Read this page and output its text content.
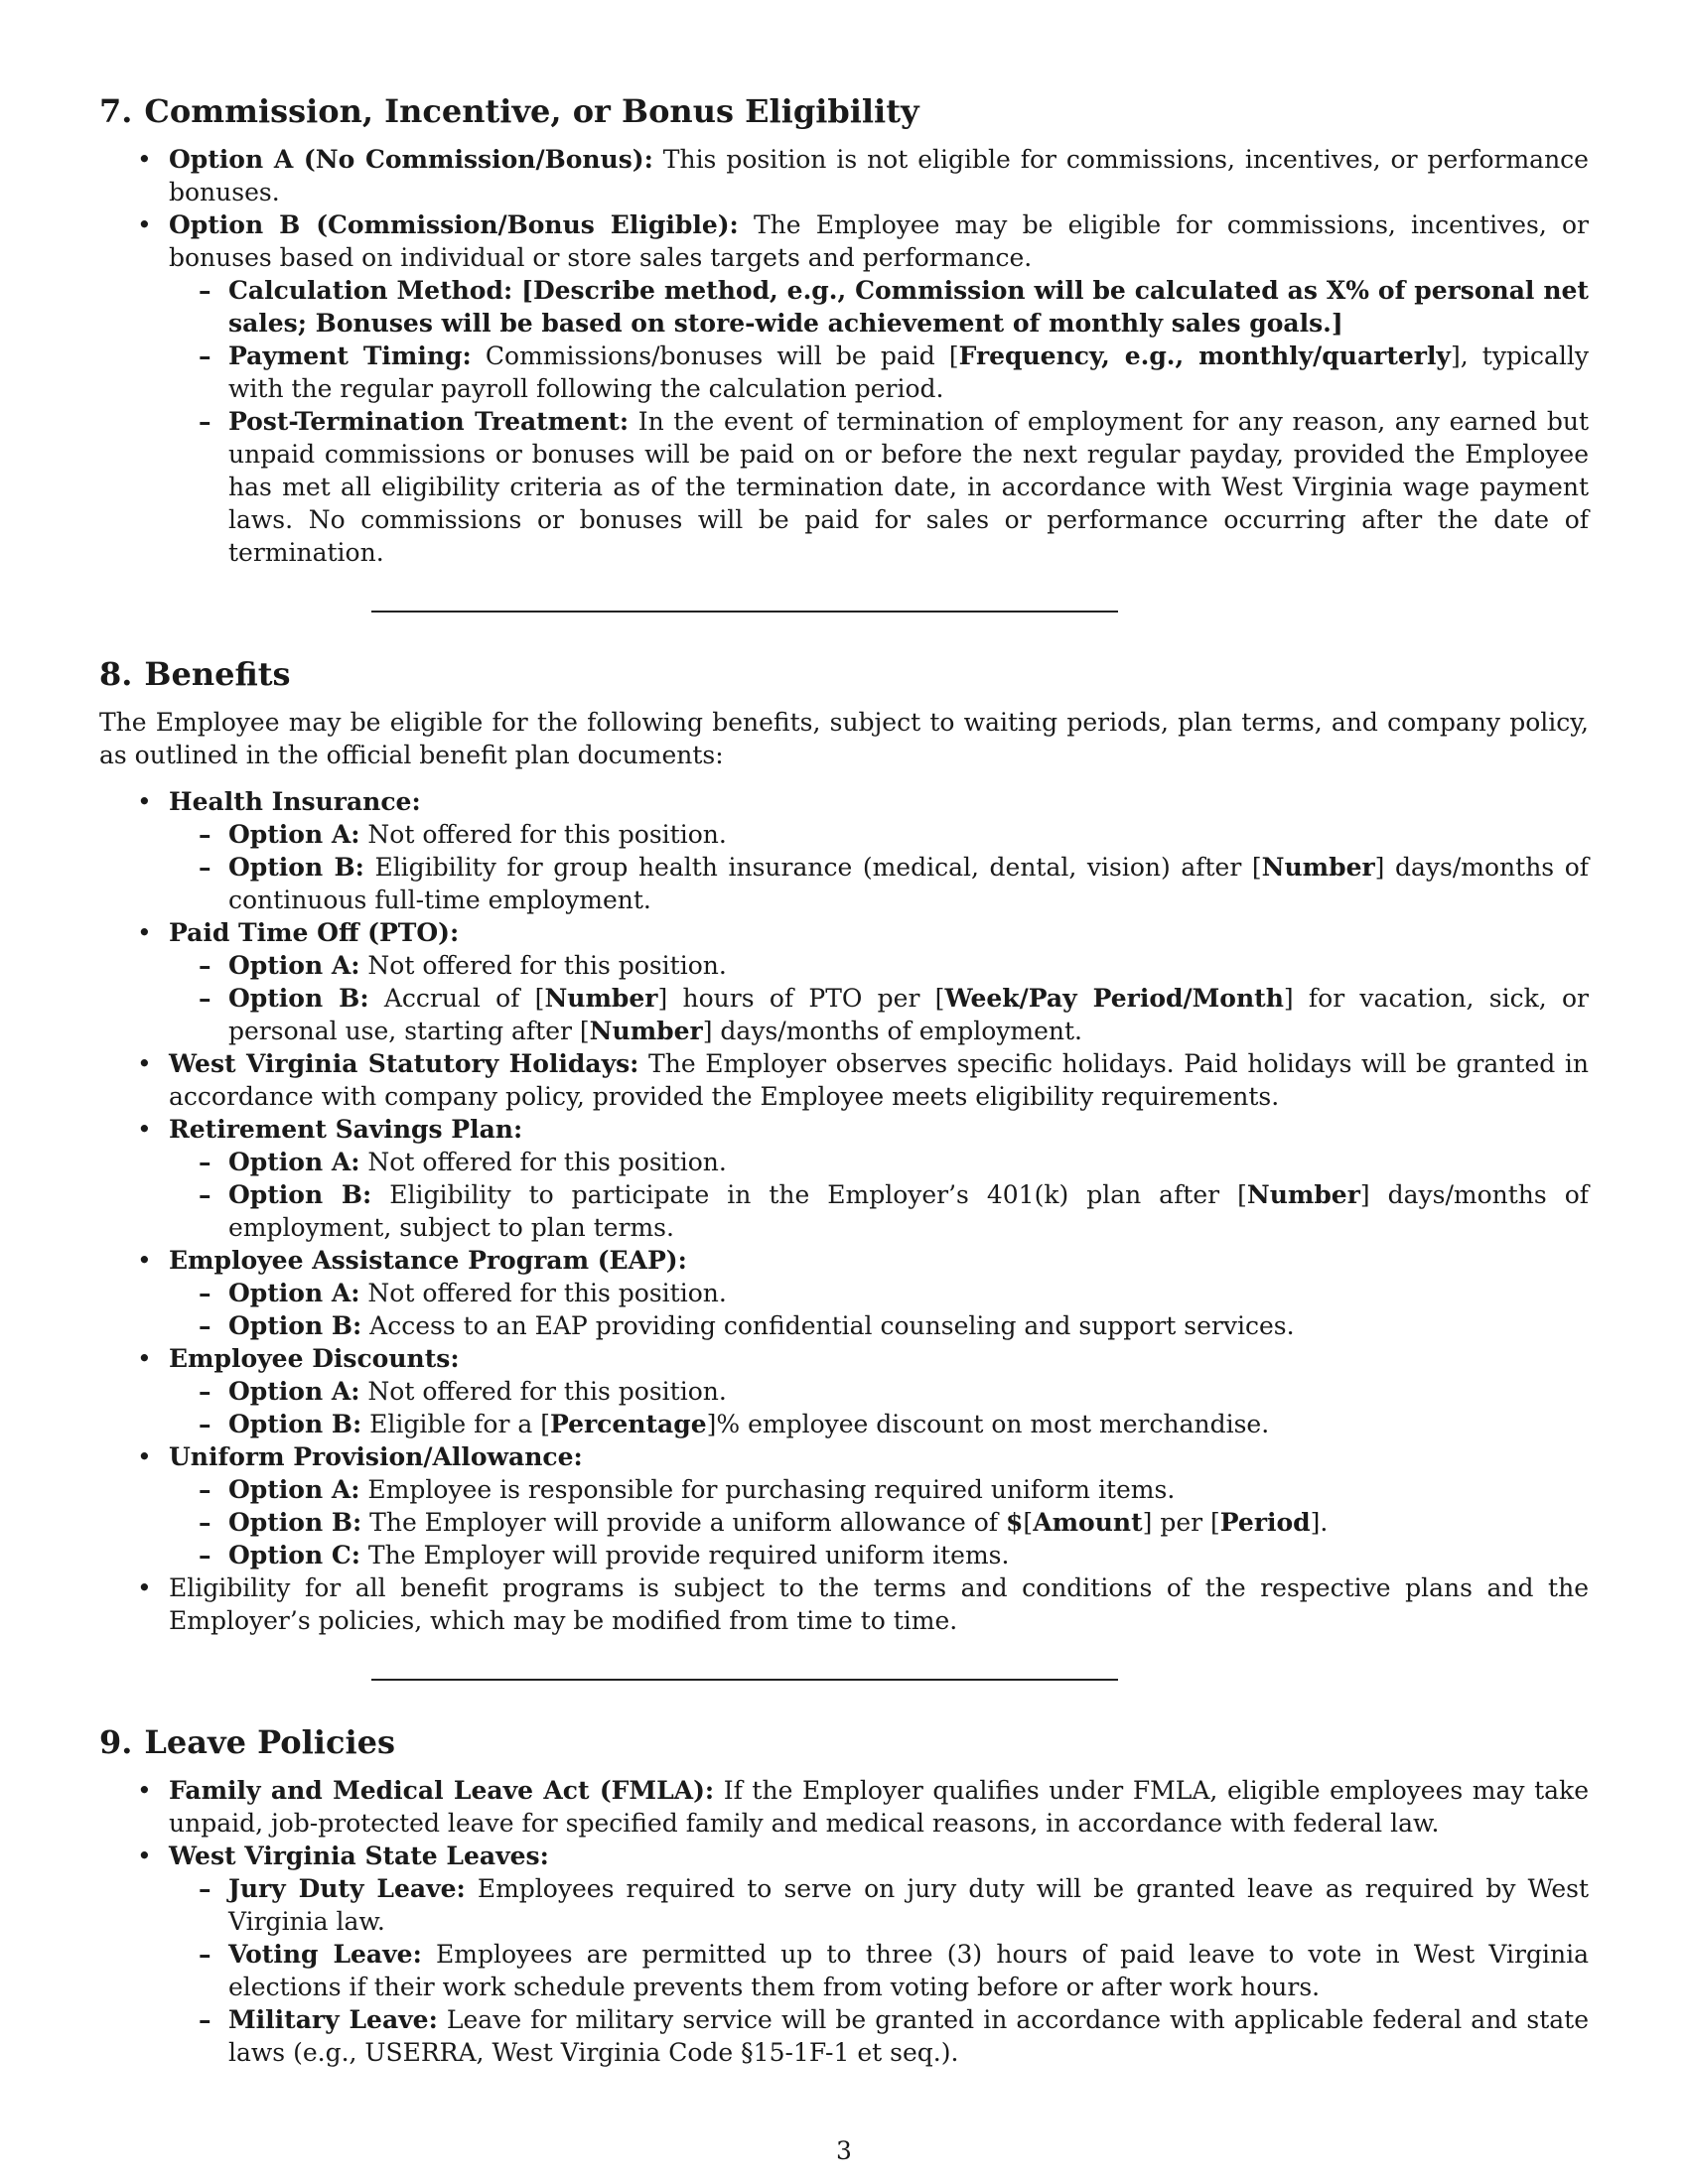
7. Commission, Incentive, or Bonus Eligibility
• Option A (No Commission/Bonus): This position is not eligible for commissions, incentives, or performance bonuses.
• Option B (Commission/Bonus Eligible): The Employee may be eligible for commissions, incentives, or bonuses based on individual or store sales targets and performance.
– Calculation Method: [Describe method, e.g., Commission will be calculated as X% of personal net sales; Bonuses will be based on store-wide achievement of monthly sales goals.]
– Payment Timing: Commissions/bonuses will be paid [Frequency, e.g., monthly/quarterly], typically with the regular payroll following the calculation period.
– Post-Termination Treatment: In the event of termination of employment for any reason, any earned but unpaid commissions or bonuses will be paid on or before the next regular payday, provided the Employee has met all eligibility criteria as of the termination date, in accordance with West Virginia wage payment laws. No commissions or bonuses will be paid for sales or performance occurring after the date of termination.
8. Benefits

The Employee may be eligible for the following benefits, subject to waiting periods, plan terms, and company policy, as outlined in the official benefit plan documents:

• Health Insurance:
– Option A: Not offered for this position.
– Option B: Eligibility for group health insurance (medical, dental, vision) after [Number] days/months of continuous full-time employment.
• Paid Time Off (PTO):
– Option A: Not offered for this position.
– Option B: Accrual of [Number] hours of PTO per [Week/Pay Period/Month] for vacation, sick, or personal use, starting after [Number] days/months of employment.
• West Virginia Statutory Holidays: The Employer observes specific holidays. Paid holidays will be granted in accordance with company policy, provided the Employee meets eligibility requirements.
• Retirement Savings Plan:
– Option A: Not offered for this position.
– Option B: Eligibility to participate in the Employer’s 401(k) plan after [Number] days/months of employment, subject to plan terms.
• Employee Assistance Program (EAP):
– Option A: Not offered for this position.
– Option B: Access to an EAP providing confidential counseling and support services.
• Employee Discounts:
– Option A: Not offered for this position.
– Option B: Eligible for a [Percentage]% employee discount on most merchandise.
• Uniform Provision/Allowance:
– Option A: Employee is responsible for purchasing required uniform items.
– Option B: The Employer will provide a uniform allowance of $[Amount] per [Period].
– Option C: The Employer will provide required uniform items.
• Eligibility for all benefit programs is subject to the terms and conditions of the respective plans and the Employer’s policies, which may be modified from time to time.
9. Leave Policies
• Family and Medical Leave Act (FMLA): If the Employer qualifies under FMLA, eligible employees may take unpaid, job-protected leave for specified family and medical reasons, in accordance with federal law.
• West Virginia State Leaves:
– Jury Duty Leave: Employees required to serve on jury duty will be granted leave as required by West Virginia law.
– Voting Leave: Employees are permitted up to three (3) hours of paid leave to vote in West Virginia elections if their work schedule prevents them from voting before or after work hours.
– Military Leave: Leave for military service will be granted in accordance with applicable federal and state laws (e.g., USERRA, West Virginia Code §15-1F-1 et seq.).
3
